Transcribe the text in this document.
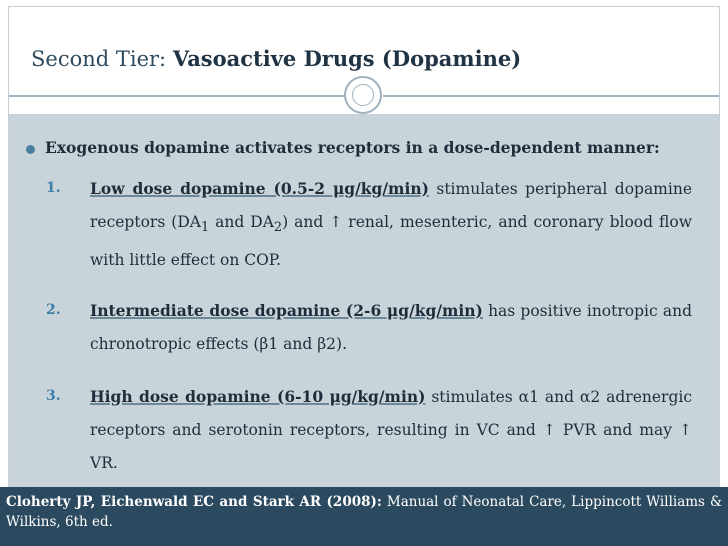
Second Tier: Vasoactive Drugs (Dopamine)
Exogenous dopamine activates receptors in a dose-dependent manner:
1. Low dose dopamine (0.5-2 μg/kg/min) stimulates peripheral dopamine receptors ($DA_1$ and $DA_2$) and ↑ renal, mesenteric, and coronary blood flow with little effect on COP.
2. Intermediate dose dopamine (2-6 μg/kg/min) has positive inotropic and chronotropic effects (β1 and β2).
3. High dose dopamine (6-10 μg/kg/min) stimulates α1 and α2 adrenergic receptors and serotonin receptors, resulting in VC and ↑ PVR and may ↑ VR.
Cloherty JP, Eichenwald EC and Stark AR (2008): Manual of Neonatal Care, Lippincott Williams & Wilkins, 6th ed.
